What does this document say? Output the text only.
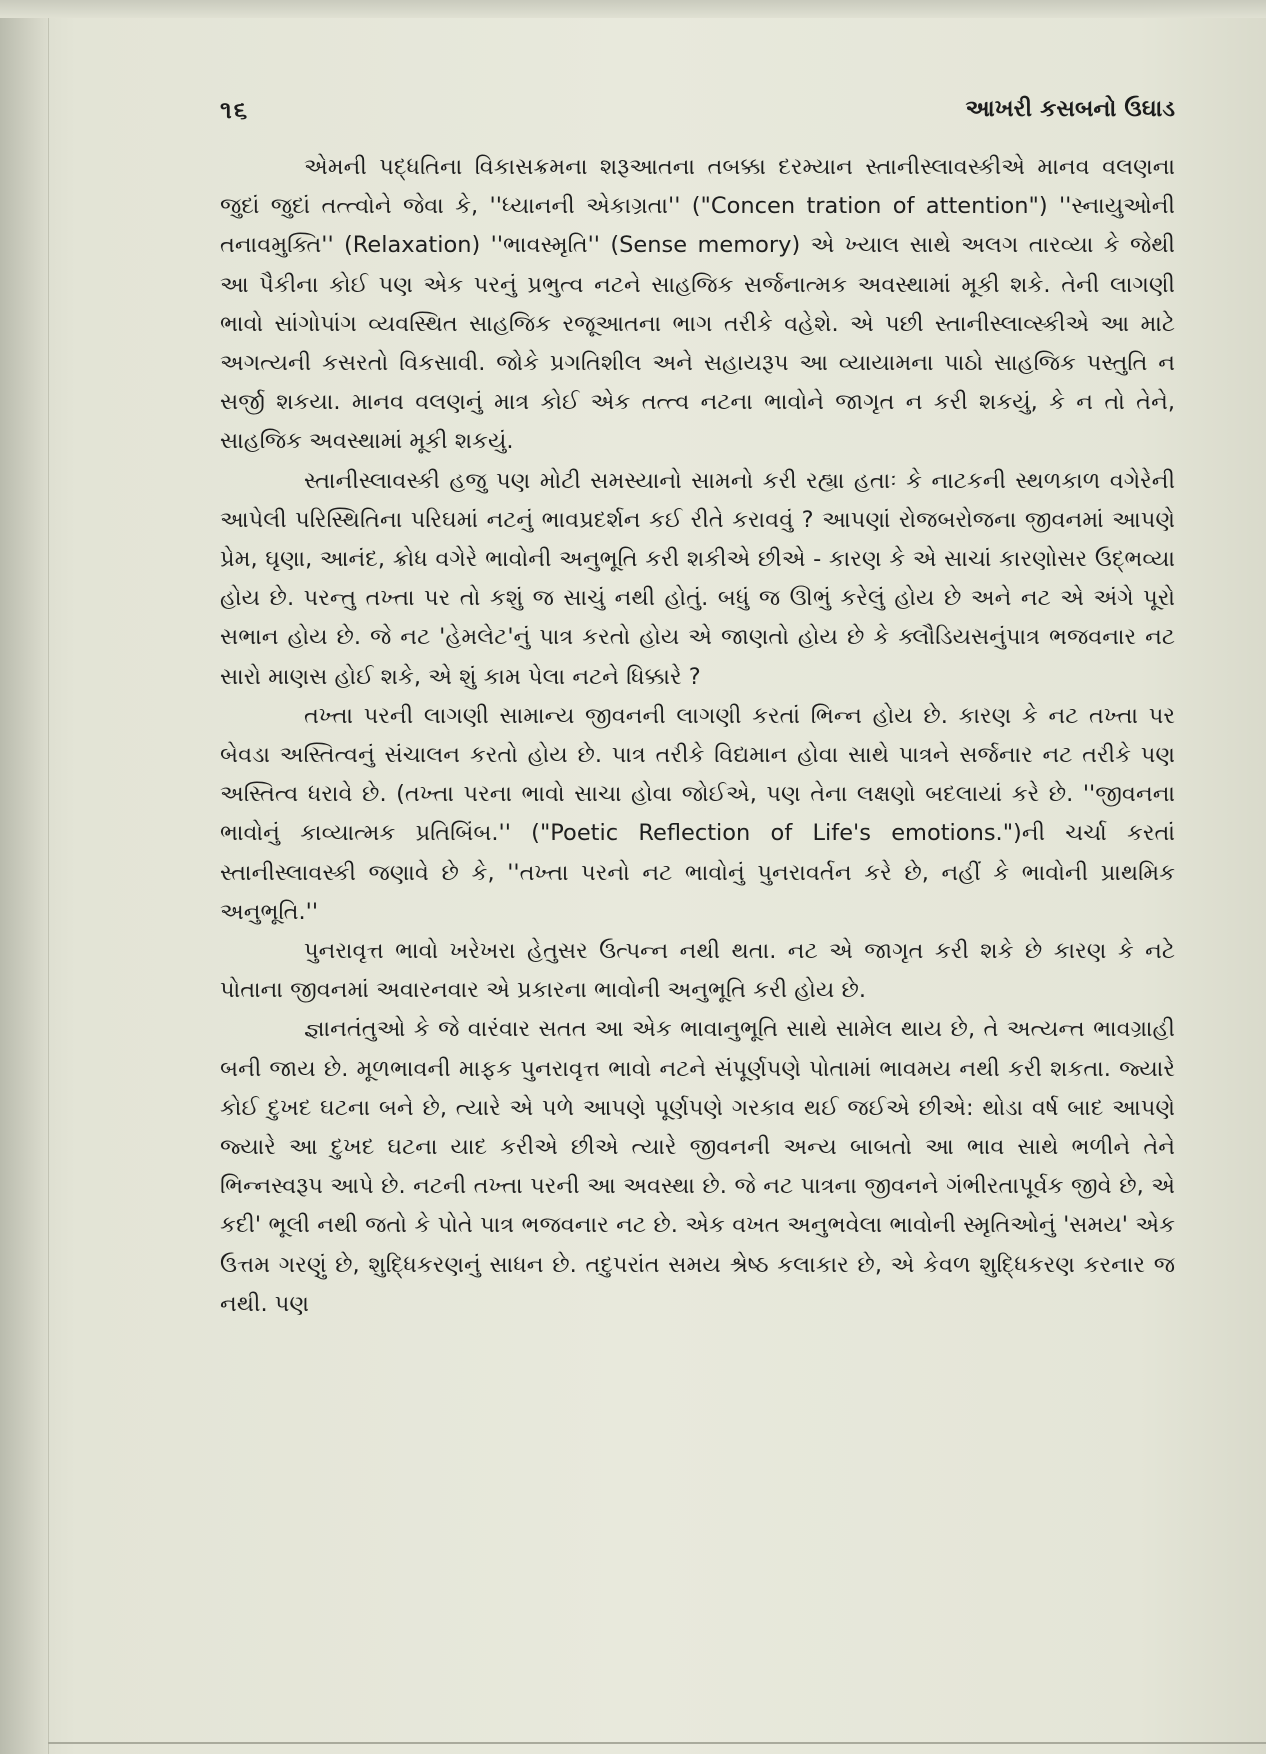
૧૬	આખરી કસબનો ઉઘાડ

એમની પદ્ધતિના વિકાસક્રમના શરૂઆતના તબક્કા દરમ્યાન સ્તાનીસ્લાવસ્કીએ માનવ વલણના જુદાં જુદાં તત્ત્વોને જેવા કે, ''ધ્યાનની એકાગ્રતા'' ("Concen tration of attention") ''સ્નાયુઓની તનાવમુક્તિ'' (Relaxation) ''ભાવસ્મૃતિ'' (Sense memory) એ ખ્યાલ સાથે અલગ તારવ્યા કે જેથી આ પૈકીના કોઈ પણ એક પરનું પ્રભુત્વ નટને સાહજિક સર્જનાત્મક અવસ્થામાં મૂકી શકે. તેની લાગણી ભાવો સાંગોપાંગ વ્યવસ્થિત સાહજિક રજૂઆતના ભાગ તરીકે વહેશે. એ પછી સ્તાનીસ્લાવ્સ્કીએ આ માટે અગત્યની કસરતો વિકસાવી. જોકે પ્રગતિશીલ અને સહાયરૂપ આ વ્યાયામના પાઠો સાહજિક પસ્તુતિ ન સર્જી શકયા. માનવ વલણનું માત્ર કોઈ એક તત્ત્વ નટના ભાવોને જાગૃત ન કરી શકયું, કે ન તો તેને, સાહજિક અવસ્થામાં મૂકી શકયું.

સ્તાનીસ્લાવસ્કી હજુ પણ મોટી સમસ્યાનો સામનો કરી રહ્યા હતાઃ કે નાટકની સ્થળકાળ વગેરેની આપેલી પરિસ્થિતિના પરિઘમાં નટનું ભાવપ્રદર્શન કઈ રીતે કરાવવું ? આપણાં રોજબરોજના જીવનમાં આપણે પ્રેમ, ઘૃણા, આનંદ, ક્રોધ વગેરે ભાવોની અનુભૂતિ કરી શકીએ છીએ - કારણ કે એ સાચાં કારણોસર ઉદ્ભવ્યા હોય છે. પરન્તુ તખ્તા પર તો કશું જ સાચું નથી હોતું. બધું જ ઊભું કરેલું હોય છે અને નટ એ અંગે પૂરો સભાન હોય છે. જે નટ 'હેમલેટ'નું પાત્ર કરતો હોય એ જાણતો હોય છે કે ક્લૌડિયસનુંપાત્ર ભજવનાર નટ સારો માણસ હોઈ શકે, એ શું કામ પેલા નટને ધિક્કારે ?

તખ્તા પરની લાગણી સામાન્ય જીવનની લાગણી કરતાં ભિન્ન હોય છે. કારણ કે નટ તખ્તા પર બેવડા અસ્તિત્વનું સંચાલન કરતો હોય છે. પાત્ર તરીકે વિદ્યમાન હોવા સાથે પાત્રને સર્જનાર નટ તરીકે પણ અસ્તિત્વ ધરાવે છે. (તખ્તા પરના ભાવો સાચા હોવા જોઈએ, પણ તેના લક્ષણો બદલાયાં કરે છે. ''જીવનના ભાવોનું કાવ્યાત્મક પ્રતિબિંબ.'' ("Poetic Reflection of Life's emotions.")ની ચર્ચા કરતાં સ્તાનીસ્લાવસ્કી જણાવે છે કે, ''તખ્તા પરનો નટ ભાવોનું પુનરાવર્તન કરે છે, નહીં કે ભાવોની પ્રાથમિક અનુભૂતિ.''

પુનરાવૃત્ત ભાવો ખરેખરા હેતુસર ઉત્પન્ન નથી થતા. નટ એ જાગૃત કરી શકે છે કારણ કે નટે પોતાના જીવનમાં અવારનવાર એ પ્રકારના ભાવોની અનુભૂતિ કરી હોય છે.

જ્ઞાનતંતુઓ કે જે વારંવાર સતત આ એક ભાવાનુભૂતિ સાથે સામેલ થાય છે, તે અત્યન્ત ભાવગ્રાહી બની જાય છે. મૂળભાવની માફક પુનરાવૃત્ત ભાવો નટને સંપૂર્ણપણે પોતામાં ભાવમય નથી કરી શકતા. જ્યારે કોઈ દુખદ ઘટના બને છે, ત્યારે એ પળે આપણે પૂર્ણપણે ગરકાવ થઈ જઈએ છીએ: થોડા વર્ષ બાદ આપણે જ્યારે આ દુખદ ઘટના યાદ કરીએ છીએ ત્યારે જીવનની અન્ય બાબતો આ ભાવ સાથે ભળીને તેને ભિન્નસ્વરૂપ આપે છે. નટની તખ્તા પરની આ અવસ્થા છે. જે નટ પાત્રના જીવનને ગંભીરતાપૂર્વક જીવે છે, એ કદી' ભૂલી નથી જતો કે પોતે પાત્ર ભજવનાર નટ છે. એક વખત અનુભવેલા ભાવોની સ્મૃતિઓનું 'સમય' એક ઉત્તમ ગરણું છે, શુદ્ધિકરણનું સાધન છે. તદુપરાંત સમય શ્રેષ્ઠ કલાકાર છે, એ કેવળ શુદ્ધિકરણ કરનાર જ નથી. પણ
